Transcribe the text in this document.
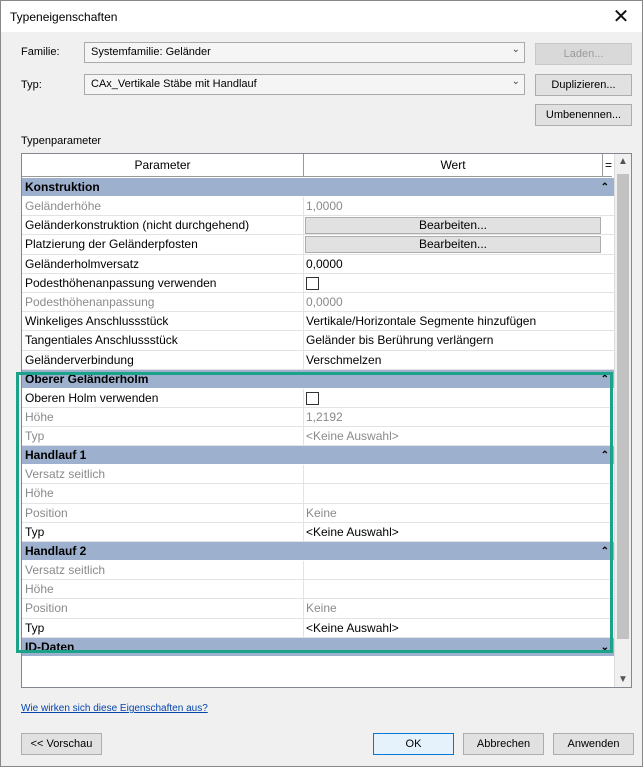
Typeneigenschaften	✕
Familie:	Systemfamilie: Geländer	⌄	Laden...
Typ:	CAx_Vertikale Stäbe mit Handlauf	⌄	Duplizieren...
Umbenennen...
Typenparameter
Parameter	Wert	=
Konstruktion	⌃
Geländerhöhe	1,0000
Geländerkonstruktion (nicht durchgehend)	Bearbeiten...
Platzierung der Geländerpfosten	Bearbeiten...
Geländerholmversatz	0,0000
Podesthöhenanpassung verwenden
Podesthöhenanpassung	0,0000
Winkeliges Anschlussstück	Vertikale/Horizontale Segmente hinzufügen
Tangentiales Anschlussstück	Geländer bis Berührung verlängern
Geländerverbindung	Verschmelzen
Oberer Geländerholm	⌃
Oberen Holm verwenden
Höhe	1,2192
Typ	<Keine Auswahl>
Handlauf 1	⌃
Versatz seitlich
Höhe
Position	Keine
Typ	<Keine Auswahl>
Handlauf 2	⌃
Versatz seitlich
Höhe
Position	Keine
Typ	<Keine Auswahl>
ID-Daten	⌄
▲
▼
Wie wirken sich diese Eigenschaften aus?
<< Vorschau	OK	Abbrechen	Anwenden
